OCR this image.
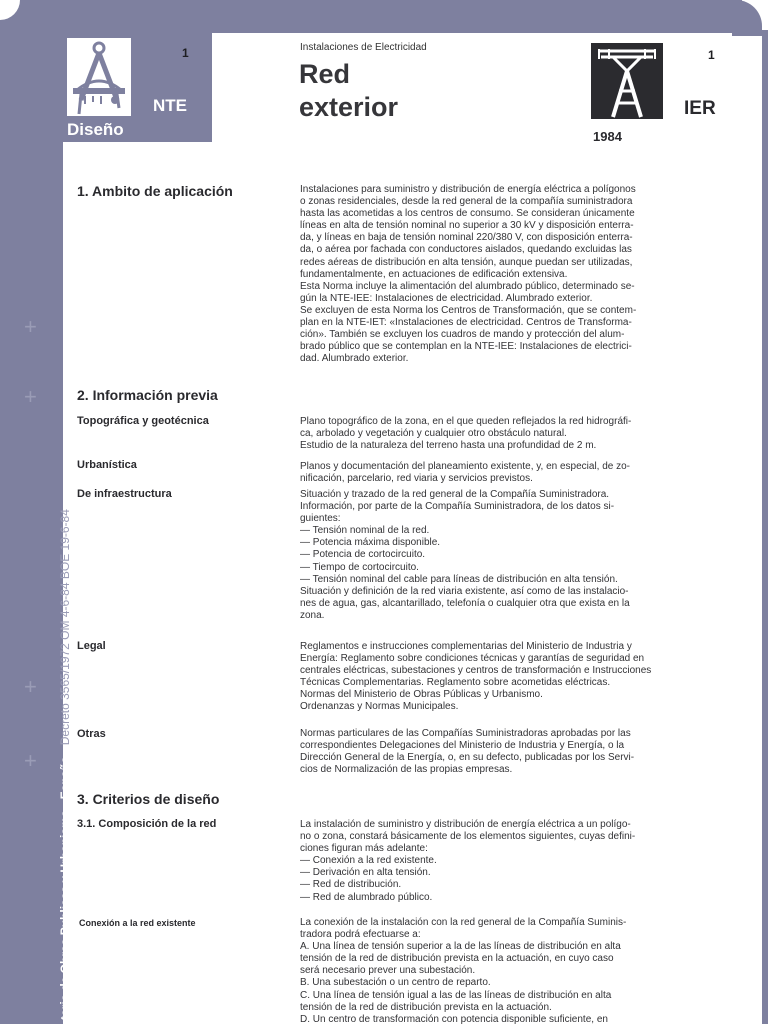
1
NTE
Diseño
Instalaciones de Electricidad
Red
exterior
1
IER
1984
terio de Obras Publicas y Urbanismo - España Decreto 3565/1972 OM 4-6-84 BOE 19-6-84
+
+
+
+
1. Ambito de aplicación	Instalaciones para suministro y distribución de energía eléctrica a polígonos
o zonas residenciales, desde la red general de la compañía suministradora
hasta las acometidas a los centros de consumo. Se consideran únicamente
líneas en alta de tensión nominal no superior a 30 kV y disposición enterra-
da, y líneas en baja de tensión nominal 220/380 V, con disposición enterra-
da, o aérea por fachada con conductores aislados, quedando excluidas las
redes aéreas de distribución en alta tensión, aunque puedan ser utilizadas,
fundamentalmente, en actuaciones de edificación extensiva.
Esta Norma incluye la alimentación del alumbrado público, determinado se-
gún la NTE-IEE: Instalaciones de electricidad. Alumbrado exterior.
Se excluyen de esta Norma los Centros de Transformación, que se contem-
plan en la NTE-IET: «Instalaciones de electricidad. Centros de Transforma-
ción». También se excluyen los cuadros de mando y protección del alum-
brado público que se contemplan en la NTE-IEE: Instalaciones de electrici-
dad. Alumbrado exterior.
2. Información previa
Topográfica y geotécnica	Plano topográfico de la zona, en el que queden reflejados la red hidrográfi-
ca, arbolado y vegetación y cualquier otro obstáculo natural.
Estudio de la naturaleza del terreno hasta una profundidad de 2 m.
Urbanística	Planos y documentación del planeamiento existente, y, en especial, de zo-
nificación, parcelario, red viaria y servicios previstos.
De infraestructura	Situación y trazado de la red general de la Compañía Suministradora.
Información, por parte de la Compañía Suministradora, de los datos si-
guientes:
— Tensión nominal de la red.
— Potencia máxima disponible.
— Potencia de cortocircuito.
— Tiempo de cortocircuito.
— Tensión nominal del cable para líneas de distribución en alta tensión.
Situación y definición de la red viaria existente, así como de las instalacio-
nes de agua, gas, alcantarillado, telefonía o cualquier otra que exista en la
zona.
Legal	Reglamentos e instrucciones complementarias del Ministerio de Industria y
Energía: Reglamento sobre condiciones técnicas y garantías de seguridad en
centrales eléctricas, subestaciones y centros de transformación e Instrucciones
Técnicas Complementarias. Reglamento sobre acometidas eléctricas.
Normas del Ministerio de Obras Públicas y Urbanismo.
Ordenanzas y Normas Municipales.
Otras	Normas particulares de las Compañías Suministradoras aprobadas por las
correspondientes Delegaciones del Ministerio de Industria y Energía, o la
Dirección General de la Energía, o, en su defecto, publicadas por los Servi-
cios de Normalización de las propias empresas.
3. Criterios de diseño
3.1. Composición de la red	La instalación de suministro y distribución de energía eléctrica a un polígo-
no o zona, constará básicamente de los elementos siguientes, cuyas defini-
ciones figuran más adelante:
— Conexión a la red existente.
— Derivación en alta tensión.
— Red de distribución.
— Red de alumbrado público.
Conexión a la red existente	La conexión de la instalación con la red general de la Compañía Suminis-
tradora podrá efectuarse a:
A. Una línea de tensión superior a la de las líneas de distribución en alta
tensión de la red de distribución prevista en la actuación, en cuyo caso
será necesario prever una subestación.
B. Una subestación o un centro de reparto.
C. Una línea de tensión igual a las de las líneas de distribución en alta
tensión de la red de distribución prevista en la actuación.
D. Un centro de transformación con potencia disponible suficiente, en
